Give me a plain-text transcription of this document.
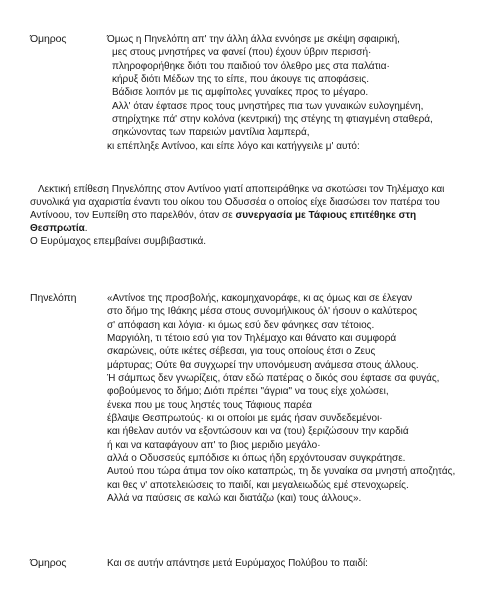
Όμηρος	Όμως η Πηνελόπη απ' την άλλη άλλα εννόησε με σκέψη σφαιρική,
μες στους μνηστήρες να φανεί (που) έχουν ύβριν περισσή·
πληροφορήθηκε διότι του παιδιού τον όλεθρο μες στα παλάτια·
κήρυξ διότι Μέδων της το είπε, που άκουγε τις αποφάσεις.
Βάδισε λοιπόν με τις αμφίπολες γυναίκες προς το μέγαρο.
Αλλ' όταν έφτασε προς τους μνηστήρες πια των γυναικών ευλογημένη,
στηρίχτηκε πά' στην κολόνα (κεντρική) της στέγης τη φτιαγμένη σταθερά,
σηκώνοντας των παρειών μαντίλια λαμπερά,
κι επέπληξε Αντίνοο, και είπε λόγο και κατήγγειλε μ' αυτό:

Λεκτική επίθεση Πηνελόπης στον Αντίνοο γιατί αποπειράθηκε να σκοτώσει τον Τηλέμαχο και συνολικά για αχαριστία έναντι του οίκου του Οδυσσέα ο οποίος είχε διασώσει τον πατέρα του Αντίνοου, τον Ευπείθη στο παρελθόν, όταν σε συνεργασία με Τάφιους επιτέθηκε στη Θεσπρωτία.

Ο Ευρύμαχος επεμβαίνει συμβιβαστικά.

Πηνελόπη	«Αντίνοε της προσβολής, κακομηχανοράφε, κι ας όμως και σε έλεγαν
στο δήμο της Ιθάκης μέσα στους συνομήλικους όλ' ήσουν ο καλύτερος
σ' απόφαση και λόγια· κι όμως εσύ δεν φάνηκες σαν τέτοιος.
Μαργιόλη, τι τέτοιο εσύ για τον Τηλέμαχο και θάνατο και συμφορά
σκαρώνεις, ούτε ικέτες σέβεσαι, για τους οποίους έτσι ο Ζευς
μάρτυρας; Ούτε θα συγχωρεί την υπονόμευση ανάμεσα στους άλλους.
Ή σάμπως δεν γνωρίζεις, όταν εδώ πατέρας ο δικός σου έφτασε σα φυγάς,
φοβούμενος το δήμο; Διότι πρέπει "άγρια" να τους είχε χολώσει,
ένεκα που με τους ληστές τους Τάφιους παρέα
έβλαψε Θεσπρωτούς· κι οι οποίοι με εμάς ήσαν συνδεδεμένοι·
και ήθελαν αυτόν να εξοντώσουν και να (του) ξεριζώσουν την καρδιά
ή και να καταφάγουν απ' το βιος μεριδιο μεγάλο·
αλλά ο Οδυσσεύς εμπόδισε κι όπως ήδη ερχόντουσαν συγκράτησε.
Αυτού που τώρα άτιμα τον οίκο καταπρώς, τη δε γυναίκα σα μνηστή αποζητάς,
και θες ν' αποτελειώσεις το παιδί, και μεγαλειωδώς εμέ στενοχωρείς.
Αλλά να παύσεις σε καλώ και διατάζω (και) τους άλλους».
Όμηρος	Και σε αυτήν απάντησε μετά Ευρύμαχος Πολύβου το παιδί:
